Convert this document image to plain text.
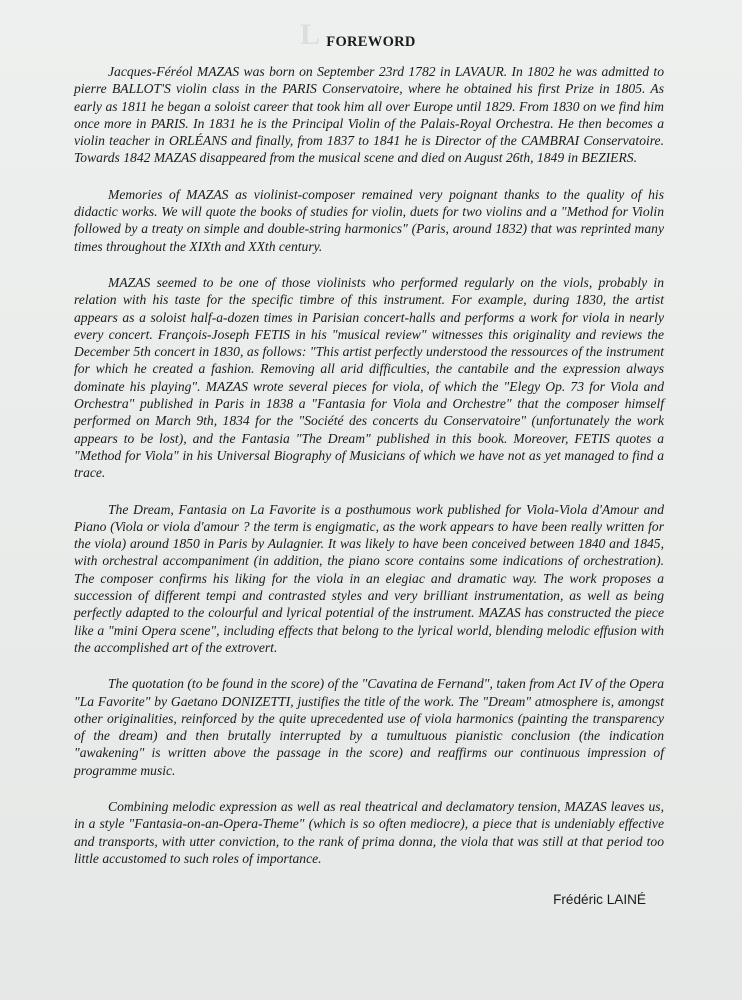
L FOREWORD

Jacques-Féréol MAZAS was born on September 23rd 1782 in LAVAUR. In 1802 he was admitted to pierre BALLOT'S violin class in the PARIS Conservatoire, where he obtained his first Prize in 1805. As early as 1811 he began a soloist career that took him all over Europe until 1829. From 1830 on we find him once more in PARIS. In 1831 he is the Principal Violin of the Palais-Royal Orchestra. He then becomes a violin teacher in ORLÉANS and finally, from 1837 to 1841 he is Director of the CAMBRAI Conservatoire. Towards 1842 MAZAS disappeared from the musical scene and died on August 26th, 1849 in BEZIERS.

Memories of MAZAS as violinist-composer remained very poignant thanks to the quality of his didactic works. We will quote the books of studies for violin, duets for two violins and a "Method for Violin followed by a treaty on simple and double-string harmonics" (Paris, around 1832) that was reprinted many times throughout the XIXth and XXth century.

MAZAS seemed to be one of those violinists who performed regularly on the viols, probably in relation with his taste for the specific timbre of this instrument. For example, during 1830, the artist appears as a soloist half-a-dozen times in Parisian concert-halls and performs a work for viola in nearly every concert. François-Joseph FETIS in his "musical review" witnesses this originality and reviews the December 5th concert in 1830, as follows: "This artist perfectly understood the ressources of the instrument for which he created a fashion. Removing all arid difficulties, the cantabile and the expression always dominate his playing". MAZAS wrote several pieces for viola, of which the "Elegy Op. 73 for Viola and Orchestra" published in Paris in 1838 a "Fantasia for Viola and Orchestre" that the composer himself performed on March 9th, 1834 for the "Société des concerts du Conservatoire" (unfortunately the work appears to be lost), and the Fantasia "The Dream" published in this book. Moreover, FETIS quotes a "Method for Viola" in his Universal Biography of Musicians of which we have not as yet managed to find a trace.

The Dream, Fantasia on La Favorite is a posthumous work published for Viola-Viola d'Amour and Piano (Viola or viola d'amour ? the term is engigmatic, as the work appears to have been really written for the viola) around 1850 in Paris by Aulagnier. It was likely to have been conceived between 1840 and 1845, with orchestral accompaniment (in addition, the piano score contains some indications of orchestration). The composer confirms his liking for the viola in an elegiac and dramatic way. The work proposes a succession of different tempi and contrasted styles and very brilliant instrumentation, as well as being perfectly adapted to the colourful and lyrical potential of the instrument. MAZAS has constructed the piece like a "mini Opera scene", including effects that belong to the lyrical world, blending melodic effusion with the accomplished art of the extrovert.

The quotation (to be found in the score) of the "Cavatina de Fernand", taken from Act IV of the Opera "La Favorite" by Gaetano DONIZETTI, justifies the title of the work. The "Dream" atmosphere is, amongst other originalities, reinforced by the quite uprecedented use of viola harmonics (painting the transparency of the dream) and then brutally interrupted by a tumultuous pianistic conclusion (the indication "awakening" is written above the passage in the score) and reaffirms our continuous impression of programme music.

Combining melodic expression as well as real theatrical and declamatory tension, MAZAS leaves us, in a style "Fantasia-on-an-Opera-Theme" (which is so often mediocre), a piece that is undeniably effective and transports, with utter conviction, to the rank of prima donna, the viola that was still at that period too little accustomed to such roles of importance.

Frédéric LAINÉ
